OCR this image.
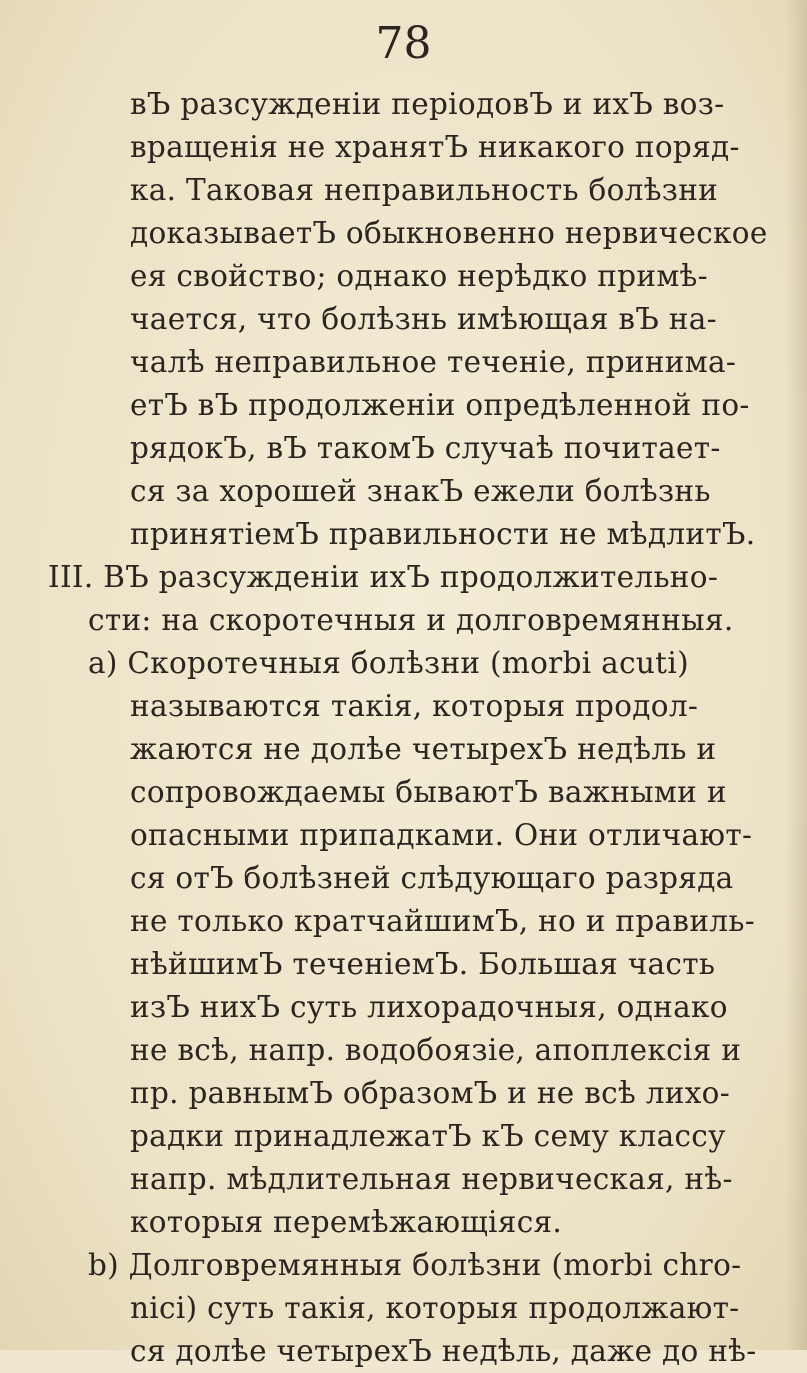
78
вЪ разсужденіи періодовЪ и ихЪ воз-
вращенія не хранятЪ никакого поряд-
ка. Таковая неправильность болѣзни
доказываетЪ обыкновенно нервическое
ея свойство; однако нерѣдко примѣ-
чается, что болѣзнь имѣющая вЪ на-
чалѣ неправильное теченіе, принима-
етЪ вЪ продолженіи опредѣленной по-
рядокЪ, вЪ такомЪ случаѣ почитает-
ся за хорошей знакЪ ежели болѣзнь
принятіемЪ правильности не мѣдлитЪ.
III. ВЪ разсужденіи ихЪ продолжительно-
сти: на скоротечныя и долговремянныя.
a) Скоротечныя болѣзни (morbi acuti)
называются такія, которыя продол-
жаются не долѣе четырехЪ недѣль и
сопровождаемы бываютЪ важными и
опасными припадками. Они отличают-
ся отЪ болѣзней слѣдующаго разряда
не только кратчайшимЪ, но и правиль-
нѣйшимЪ теченіемЪ. Большая часть
изЪ нихЪ суть лихорадочныя, однако
не всѣ, напр. водобоязіе, апоплексія и
пр. равнымЪ образомЪ и не всѣ лихо-
радки принадлежатЪ кЪ сему классу
напр. мѣдлительная нервическая, нѣ-
которыя перемѣжающіяся.
b) Долговремянныя болѣзни (morbi chro-
nici) суть такія, которыя продолжают-
ся долѣе четырехЪ недѣль, даже до нѣ-
